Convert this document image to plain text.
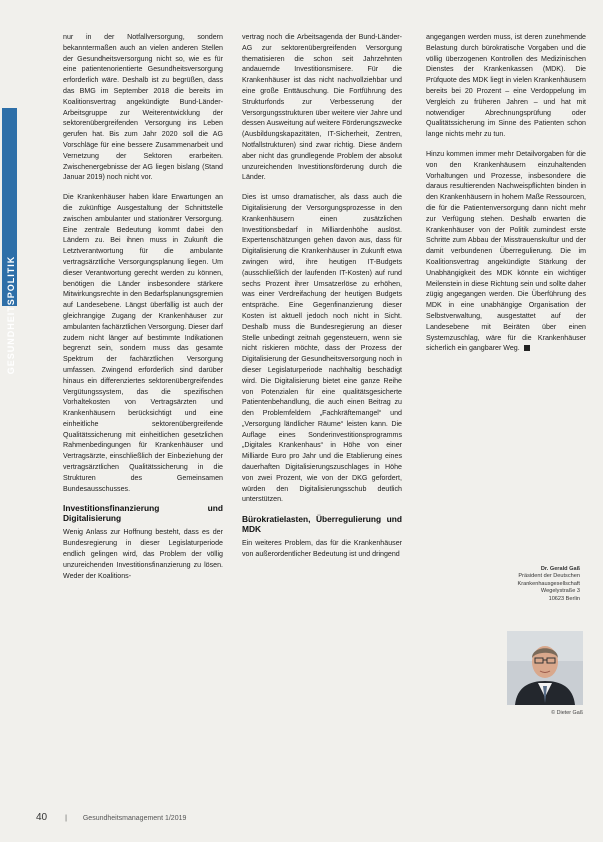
GESUNDHEITSPOLITIK

nur in der Notfallversorgung, sondern bekanntermaßen auch an vielen anderen Stellen der Gesundheitsversorgung nicht so, wie es für eine patientenorientierte Gesundheitsversorgung erforderlich wäre. Deshalb ist zu begrüßen, dass das BMG im September 2018 die bereits im Koalitionsvertrag angekündigte Bund-Länder-Arbeitsgruppe zur Weiterentwicklung der sektorenübergreifenden Versorgung ins Leben gerufen hat. Bis zum Jahr 2020 soll die AG Vorschläge für eine bessere Zusammenarbeit und Vernetzung der Sektoren erarbeiten. Zwischenergebnisse der AG liegen bislang (Stand Januar 2019) noch nicht vor.

Die Krankenhäuser haben klare Erwartungen an die zukünftige Ausgestaltung der Schnittstelle zwischen ambulanter und stationärer Versorgung. Eine zentrale Bedeutung kommt dabei den Ländern zu. Bei ihnen muss in Zukunft die Letztverantwortung für die ambulante vertragsärztliche Versorgungsplanung liegen. Um dieser Verantwortung gerecht werden zu können, benötigen die Länder insbesondere stärkere Mitwirkungsrechte in den Bedarfsplanungsgremien auf Landesebene. Längst überfällig ist auch der gleichrangige Zugang der Krankenhäuser zur ambulanten fachärztlichen Versorgung. Dieser darf zudem nicht länger auf bestimmte Indikationen begrenzt sein, sondern muss das gesamte Spektrum der fachärztlichen Versorgung umfassen. Zwingend erforderlich sind darüber hinaus ein differenziertes sektorenübergreifendes Vergütungssystem, das die spezifischen Vorhaltekosten von Vertragsärzten und Krankenhäusern berücksichtigt und eine einheitliche sektorenübergreifende Qualitätssicherung mit einheitlichen gesetzlichen Rahmenbedingungen für Krankenhäuser und Vertragsärzte, einschließlich der Einbeziehung der vertragsärztlichen Qualitätssicherung in die Strukturen des Gemeinsamen Bundesausschusses.

Investitionsfinanzierung und Digitalisierung

Wenig Anlass zur Hoffnung besteht, dass es der Bundesregierung in dieser Legislaturperiode endlich gelingen wird, das Problem der völlig unzureichenden Investitionsfinanzierung zu lösen. Weder der Koalitions-

vertrag noch die Arbeitsagenda der Bund-Länder-AG zur sektorenübergreifenden Versorgung thematisieren die schon seit Jahrzehnten andauernde Investitionsmisere. Für die Krankenhäuser ist das nicht nachvollziehbar und eine große Enttäuschung. Die Fortführung des Strukturfonds zur Verbesserung der Versorgungsstrukturen über weitere vier Jahre und dessen Ausweitung auf weitere Förderungszwecke (Ausbildungskapazitäten, IT-Sicherheit, Zentren, Notfallstrukturen) sind zwar richtig. Diese ändern aber nicht das grundlegende Problem der absolut unzureichenden Investitionsförderung durch die Länder.

Dies ist umso dramatischer, als dass auch die Digitalisierung der Versorgungsprozesse in den Krankenhäusern einen zusätzlichen Investitionsbedarf in Milliardenhöhe auslöst. Expertenschätzungen gehen davon aus, dass für Digitalisierung die Krankenhäuser in Zukunft etwa zwingen wird, ihre heutigen IT-Budgets (ausschließlich der laufenden IT-Kosten) auf rund sechs Prozent ihrer Umsatzerlöse zu erhöhen, was einer Verdreifachung der heutigen Budgets entspräche. Eine Gegenfinanzierung dieser Kosten ist aktuell jedoch noch nicht in Sicht. Deshalb muss die Bundesregierung an dieser Stelle unbedingt zeitnah gegensteuern, wenn sie nicht riskieren möchte, dass der Prozess der Digitalisierung der Gesundheitsversorgung noch in dieser Legislaturperiode nachhaltig beschädigt wird. Die Digitalisierung bietet eine ganze Reihe von Potenzialen für eine qualitätsgesicherte Patientenbehandlung, die auch einen Beitrag zu den Problemfeldern „Fachkräftemangel“ und „Versorgung ländlicher Räume“ leisten kann. Die Auflage eines Sonderinvestitionsprogramms „Digitales Krankenhaus“ in Höhe von einer Milliarde Euro pro Jahr und die Etablierung eines dauerhaften Digitalisierungszuschlages in Höhe von zwei Prozent, wie von der DKG gefordert, würden den Digitalisierungsschub deutlich unterstützen.

Bürokratielasten, Überregulierung und MDK

Ein weiteres Problem, das für die Krankenhäuser von außerordentlicher Bedeutung ist und dringend

angegangen werden muss, ist deren zunehmende Belastung durch bürokratische Vorgaben und die völlig überzogenen Kontrollen des Medizinischen Dienstes der Krankenkassen (MDK). Die Prüfquote des MDK liegt in vielen Krankenhäusern bereits bei 20 Prozent – eine Verdoppelung im Vergleich zu früheren Jahren – und hat mit notwendiger Abrechnungsprüfung oder Qualitätssicherung im Sinne des Patienten schon lange nichts mehr zu tun.

Hinzu kommen immer mehr Detailvorgaben für die von den Krankenhäusern einzuhaltenden Vorhaltungen und Prozesse, insbesondere die daraus resultierenden Nachweispflichten binden in den Krankenhäusern in hohem Maße Ressourcen, die für die Patientenversorgung dann nicht mehr zur Verfügung stehen. Deshalb erwarten die Krankenhäuser von der Politik zumindest erste Schritte zum Abbau der Misstrauenskultur und der damit verbundenen Überregulierung. Die im Koalitionsvertrag angekündigte Stärkung der Unabhängigkeit des MDK könnte ein wichtiger Meilenstein in diese Richtung sein und sollte daher zügig angegangen werden. Die Überführung des MDK in eine unabhängige Organisation der Selbstverwaltung, ausgestattet auf der Landesebene mit Beiräten über einen Systemzuschlag, wäre für die Krankenhäuser sicherlich ein gangbarer Weg.

Dr. Gerald Gaß
Präsident der Deutschen
Krankenhausgesellschaft
Wegelystraße 3
10623 Berlin
© Dieter Gaß
40	| Gesundheitsmanagement 1/2019
